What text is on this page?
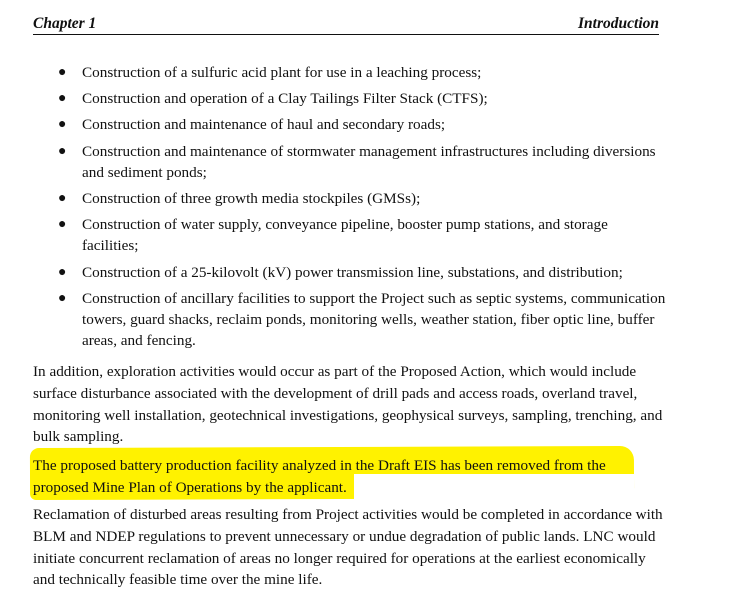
Chapter 1	Introduction
● Construction of a sulfuric acid plant for use in a leaching process;
● Construction and operation of a Clay Tailings Filter Stack (CTFS);
● Construction and maintenance of haul and secondary roads;
● Construction and maintenance of stormwater management infrastructures including diversions and sediment ponds;
● Construction of three growth media stockpiles (GMSs);
● Construction of water supply, conveyance pipeline, booster pump stations, and storage facilities;
● Construction of a 25-kilovolt (kV) power transmission line, substations, and distribution;
● Construction of ancillary facilities to support the Project such as septic systems, communication towers, guard shacks, reclaim ponds, monitoring wells, weather station, fiber optic line, buffer areas, and fencing.

In addition, exploration activities would occur as part of the Proposed Action, which would include surface disturbance associated with the development of drill pads and access roads, overland travel, monitoring well installation, geotechnical investigations, geophysical surveys, sampling, trenching, and bulk sampling.

The proposed battery production facility analyzed in the Draft EIS has been removed from the proposed Mine Plan of Operations by the applicant.

Reclamation of disturbed areas resulting from Project activities would be completed in accordance with BLM and NDEP regulations to prevent unnecessary or undue degradation of public lands. LNC would initiate concurrent reclamation of areas no longer required for operations at the earliest economically and technically feasible time over the mine life.
